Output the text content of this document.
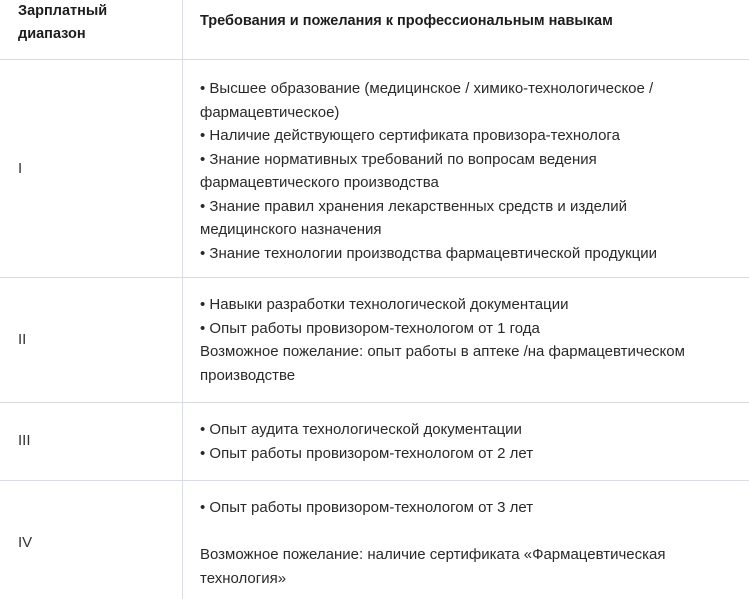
Зарплатный
диапазон
Требования и пожелания к профессиональным навыкам
I
• Высшее образование (медицинское / химико-технологическое /
фармацевтическое)
• Наличие действующего сертификата провизора-технолога
• Знание нормативных требований по вопросам ведения
фармацевтического производства
• Знание правил хранения лекарственных средств и изделий
медицинского назначения
• Знание технологии производства фармацевтической продукции
II
• Навыки разработки технологической документации
• Опыт работы провизором-технологом от 1 года
Возможное пожелание: опыт работы в аптеке /на фармацевтическом
производстве
III
• Опыт аудита технологической документации
• Опыт работы провизором-технологом от 2 лет
IV
• Опыт работы провизором-технологом от 3 лет
Возможное пожелание: наличие сертификата «Фармацевтическая
технология»
